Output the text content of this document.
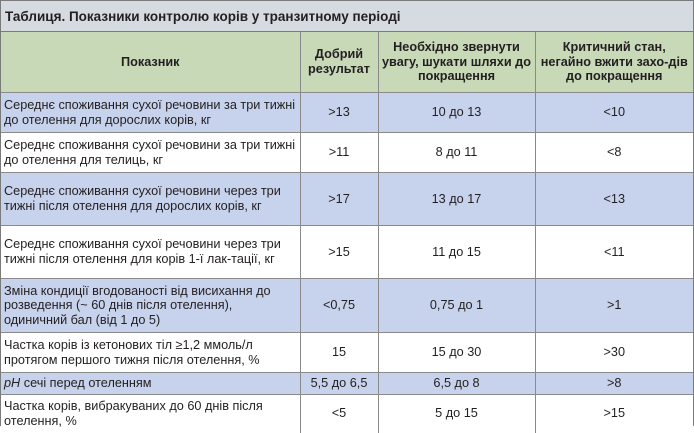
Таблиця. Показники контролю корів у транзитному періоді
Показник	Добрий результат	Необхідно звернути увагу, шукати шляхи до покращення	Критичний стан, негайно вжити захо-дів до покращення
Середнє споживання сухої речовини за три тижні до отелення для дорослих корів, кг	>13	10 до 13	<10
Середнє споживання сухої речовини за три тижні до отелення для телиць, кг	>11	8 до 11	<8
Середнє споживання сухої речовини через три тижні після отелення для дорослих корів, кг	>17	13 до 17	<13
Середнє споживання сухої речовини через три тижні після отелення для корів 1-ї лак-тації, кг	>15	11 до 15	<11
Зміна кондиції вгодованості від висихання до розведення (~ 60 днів після отелення), одиничний бал (від 1 до 5)	<0,75	0,75 до 1	>1
Частка корів із кетонових тіл ≥1,2 ммоль/л протягом першого тижня після отелення, %	15	15 до 30	>30
pH сечі перед отеленням	5,5 до 6,5	6,5 до 8	>8
Частка корів, вибракуваних до 60 днів після отелення, %	<5	5 до 15	>15
